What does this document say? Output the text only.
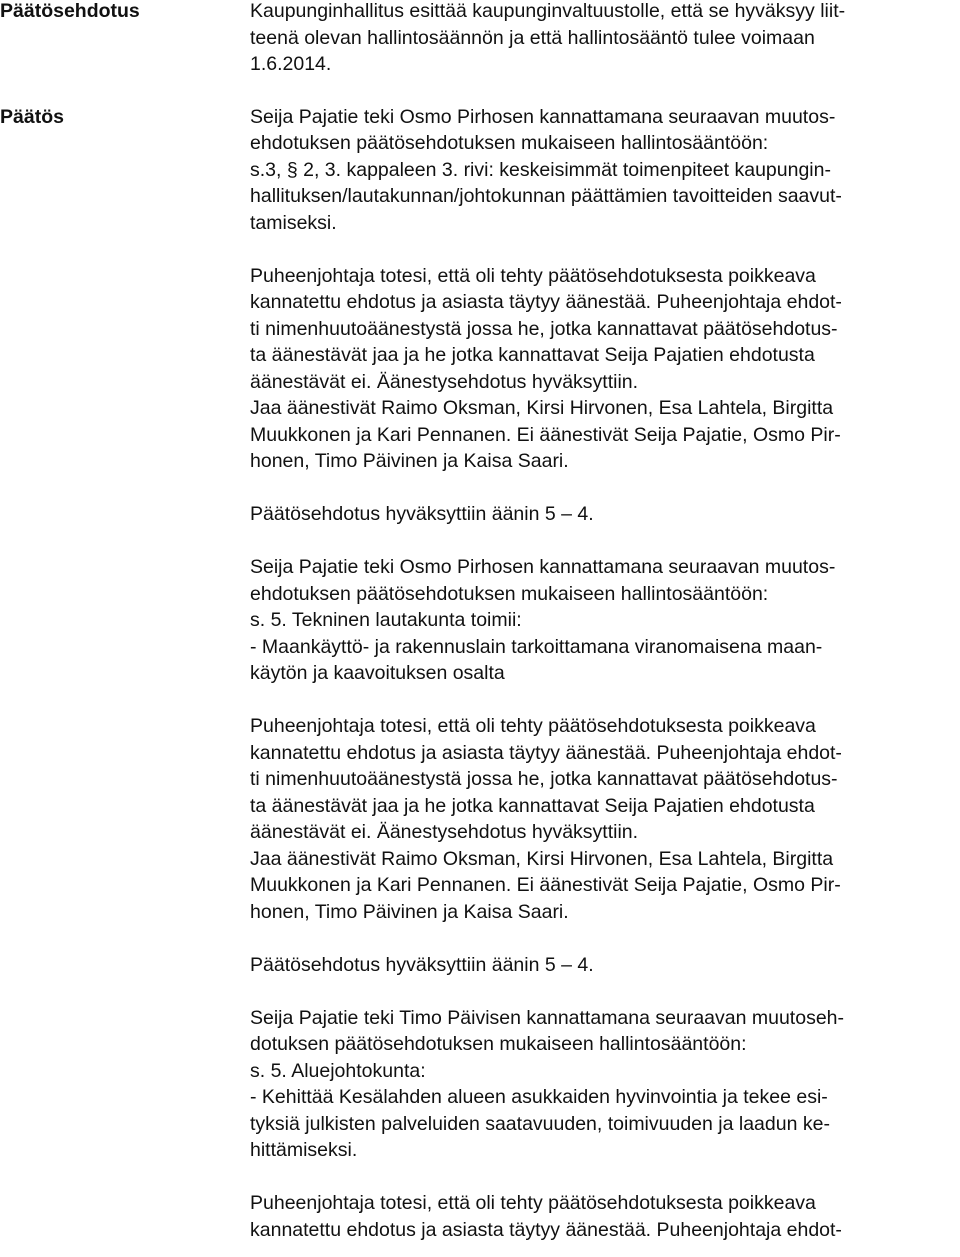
Päätösehdotus
Päätös
Kaupunginhallitus esittää kaupunginvaltuustolle, että se hyväksyy liit-
teenä olevan hallintosäännön ja että hallintosääntö tulee voimaan
1.6.2014.
Seija Pajatie teki Osmo Pirhosen kannattamana seuraavan muutos-
ehdotuksen päätösehdotuksen mukaiseen hallintosääntöön:
s.3, § 2, 3. kappaleen 3. rivi: keskeisimmät toimenpiteet kaupungin-
hallituksen/lautakunnan/johtokunnan päättämien tavoitteiden saavut-
tamiseksi.
Puheenjohtaja totesi, että oli tehty päätösehdotuksesta poikkeava
kannatettu ehdotus ja asiasta täytyy äänestää. Puheenjohtaja ehdot-
ti nimenhuutoäänestystä jossa he, jotka kannattavat päätösehdotus-
ta äänestävät jaa ja he jotka kannattavat Seija Pajatien ehdotusta
äänestävät ei. Äänestysehdotus hyväksyttiin.
Jaa äänestivät Raimo Oksman, Kirsi Hirvonen, Esa Lahtela, Birgitta
Muukkonen ja Kari Pennanen. Ei äänestivät Seija Pajatie, Osmo Pir-
honen, Timo Päivinen ja Kaisa Saari.
Päätösehdotus hyväksyttiin äänin 5 – 4.
Seija Pajatie teki Osmo Pirhosen kannattamana seuraavan muutos-
ehdotuksen päätösehdotuksen mukaiseen hallintosääntöön:
s. 5. Tekninen lautakunta toimii:
- Maankäyttö- ja rakennuslain tarkoittamana viranomaisena maan-
käytön ja kaavoituksen osalta
Puheenjohtaja totesi, että oli tehty päätösehdotuksesta poikkeava
kannatettu ehdotus ja asiasta täytyy äänestää. Puheenjohtaja ehdot-
ti nimenhuutoäänestystä jossa he, jotka kannattavat päätösehdotus-
ta äänestävät jaa ja he jotka kannattavat Seija Pajatien ehdotusta
äänestävät ei. Äänestysehdotus hyväksyttiin.
Jaa äänestivät Raimo Oksman, Kirsi Hirvonen, Esa Lahtela, Birgitta
Muukkonen ja Kari Pennanen. Ei äänestivät Seija Pajatie, Osmo Pir-
honen, Timo Päivinen ja Kaisa Saari.
Päätösehdotus hyväksyttiin äänin 5 – 4.
Seija Pajatie teki Timo Päivisen kannattamana seuraavan muutoseh-
dotuksen päätösehdotuksen mukaiseen hallintosääntöön:
s. 5. Aluejohtokunta:
- Kehittää Kesälahden alueen asukkaiden hyvinvointia ja tekee esi-
tyksiä julkisten palveluiden saatavuuden, toimivuuden ja laadun ke-
hittämiseksi.
Puheenjohtaja totesi, että oli tehty päätösehdotuksesta poikkeava
kannatettu ehdotus ja asiasta täytyy äänestää. Puheenjohtaja ehdot-
